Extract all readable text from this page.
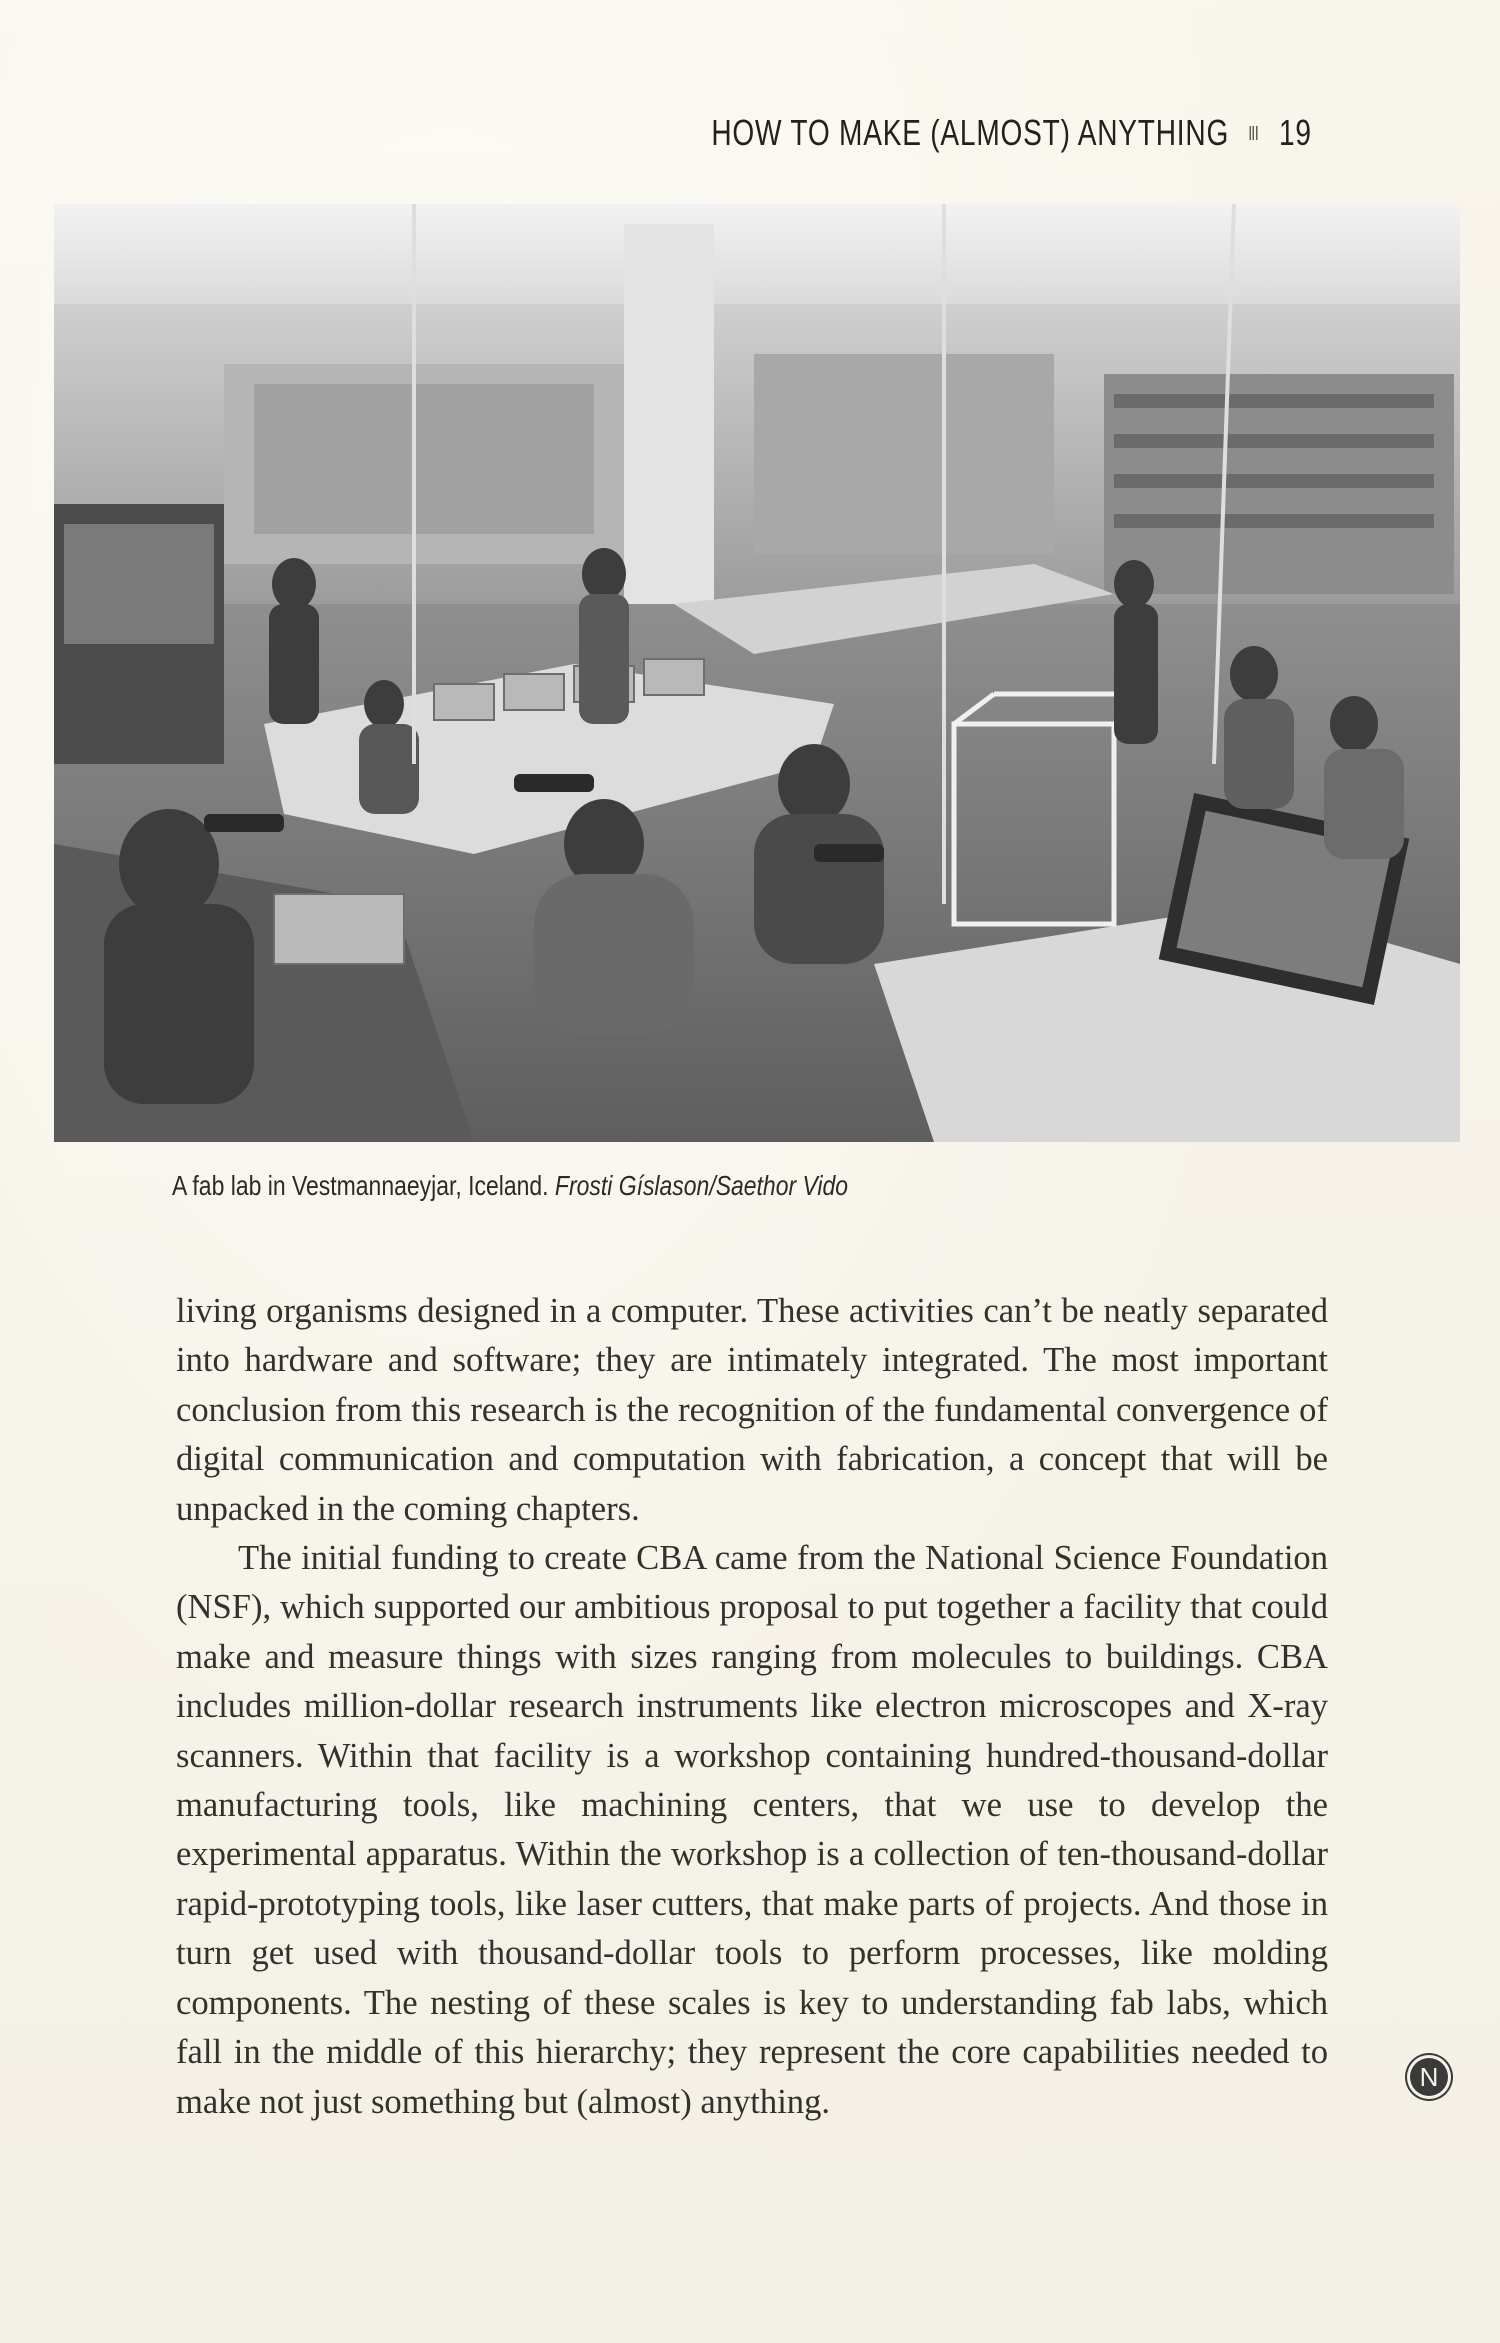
HOW TO MAKE (ALMOST) ANYTHING 19
A fab lab in Vestmannaeyjar, Iceland. Frosti Gíslason/Saethor Vido

living organisms designed in a computer. These activities can’t be neatly separated into hardware and software; they are intimately integrated. The most important conclusion from this research is the recognition of the fundamental convergence of digital communication and computation with fabrication, a concept that will be unpacked in the coming chapters.

The initial funding to create CBA came from the National Science Foundation (NSF), which supported our ambitious proposal to put together a facility that could make and measure things with sizes ranging from molecules to buildings. CBA includes million-dollar research instruments like electron microscopes and X-ray scanners. Within that facility is a workshop containing hundred-thousand-dollar manufacturing tools, like machining centers, that we use to develop the experimental apparatus. Within the workshop is a collection of ten-thousand-dollar rapid-prototyping tools, like laser cutters, that make parts of projects. And those in turn get used with thousand-dollar tools to perform processes, like molding components. The nesting of these scales is key to understanding fab labs, which fall in the middle of this hierarchy; they represent the core capabilities needed to make not just something but (almost) anything.

N
